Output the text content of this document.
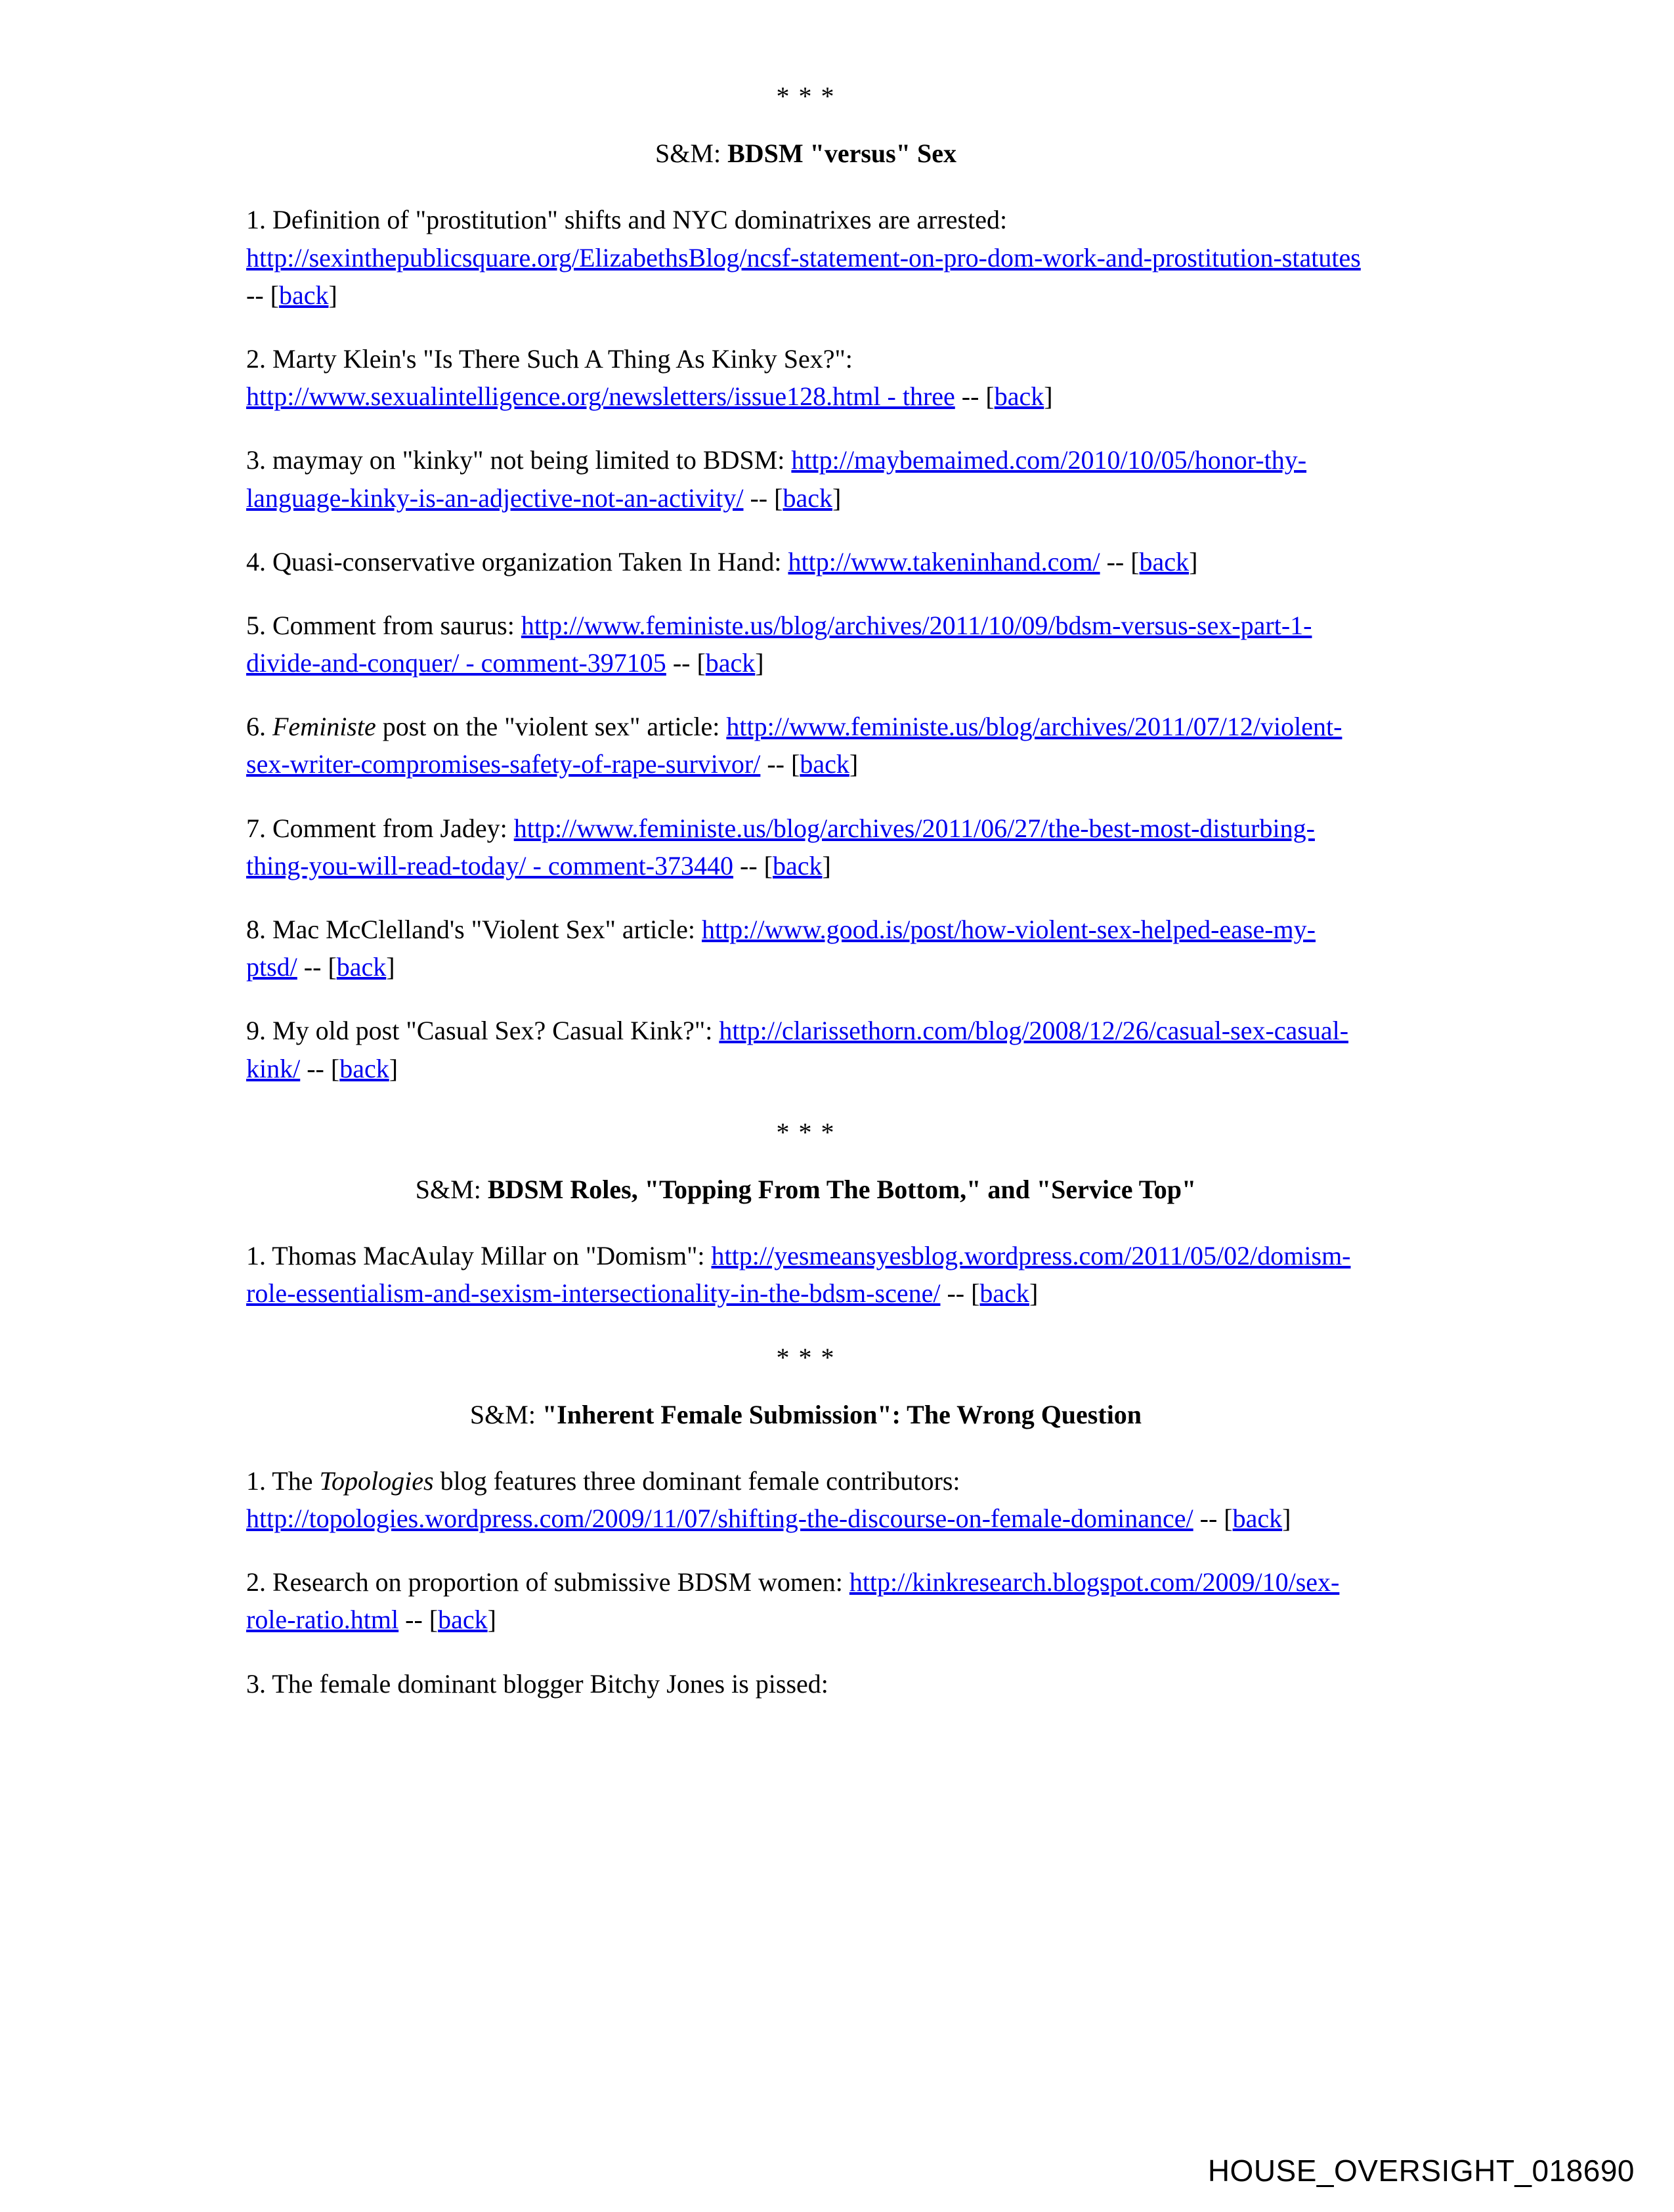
* * *
S&M: BDSM "versus" Sex

1. Definition of "prostitution" shifts and NYC dominatrixes are arrested: http://sexinthepublicsquare.org/ElizabethsBlog/ncsf-statement-on-pro-dom-work-and-prostitution-statutes -- [back]

2. Marty Klein's "Is There Such A Thing As Kinky Sex?": http://www.sexualintelligence.org/newsletters/issue128.html - three -- [back]

3. maymay on "kinky" not being limited to BDSM: http://maybemaimed.com/2010/10/05/honor-thy-language-kinky-is-an-adjective-not-an-activity/ -- [back]

4. Quasi-conservative organization Taken In Hand: http://www.takeninhand.com/ -- [back]

5. Comment from saurus: http://www.feministe.us/blog/archives/2011/10/09/bdsm-versus-sex-part-1-divide-and-conquer/ - comment-397105 -- [back]

6. Feministe post on the "violent sex" article: http://www.feministe.us/blog/archives/2011/07/12/violent-sex-writer-compromises-safety-of-rape-survivor/ -- [back]

7. Comment from Jadey: http://www.feministe.us/blog/archives/2011/06/27/the-best-most-disturbing-thing-you-will-read-today/ - comment-373440 -- [back]

8. Mac McClelland's "Violent Sex" article: http://www.good.is/post/how-violent-sex-helped-ease-my-ptsd/ -- [back]

9. My old post "Casual Sex? Casual Kink?": http://clarissethorn.com/blog/2008/12/26/casual-sex-casual-kink/ -- [back]

* * *
S&M: BDSM Roles, "Topping From The Bottom," and "Service Top"

1. Thomas MacAulay Millar on "Domism": http://yesmeansyesblog.wordpress.com/2011/05/02/domism-role-essentialism-and-sexism-intersectionality-in-the-bdsm-scene/ -- [back]

* * *
S&M: "Inherent Female Submission": The Wrong Question

1. The Topologies blog features three dominant female contributors: http://topologies.wordpress.com/2009/11/07/shifting-the-discourse-on-female-dominance/ -- [back]

2. Research on proportion of submissive BDSM women: http://kinkresearch.blogspot.com/2009/10/sex-role-ratio.html -- [back]

3. The female dominant blogger Bitchy Jones is pissed:

HOUSE_OVERSIGHT_018690
